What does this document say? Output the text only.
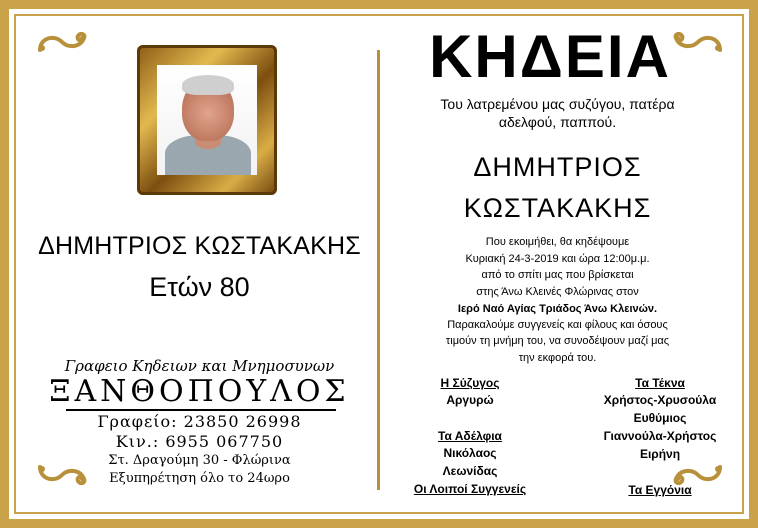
ΔΗΜΗΤΡΙΟΣ ΚΩΣΤΑΚΑΚΗΣ
Ετών 80
Γραφειο Κηδειων και Μνημοσυνων
ΞΑΝΘΟΠΟΥΛΟΣ
Γραφείο: 23850 26998
Κιν.: 6955 067750
Στ. Δραγούμη 30 - Φλώρινα
Εξυπηρέτηση όλο το 24ωρο
ΚΗΔΕΙΑ
Του λατρεμένου μας συζύγου, πατέρα
αδελφού, παππού.
ΔΗΜΗΤΡΙΟΣ
ΚΩΣΤΑΚΑΚΗΣ
Που εκοιμήθει, θα κηδέψουμε
Κυριακή 24-3-2019 και ώρα 12:00μ.μ.
από το σπίτι μας που βρίσκεται
στης Άνω Κλεινές Φλώρινας στον
Ιερό Ναό Αγίας Τριάδος Άνω Κλεινών.
Παρακαλούμε συγγενείς και φίλους και όσους
τιμούν τη μνήμη του, να συνοδέψουν μαζί μας
την εκφορά του.
Η Σύζυγος
Αργυρώ
Τα Αδέλφια
Νικόλαος
Λεωνίδας
Οι Λοιποί Συγγενείς
Τα Τέκνα
Χρήστος-Χρυσούλα
Ευθύμιος
Γιαννούλα-Χρήστος
Ειρήνη
Τα Εγγόνια
